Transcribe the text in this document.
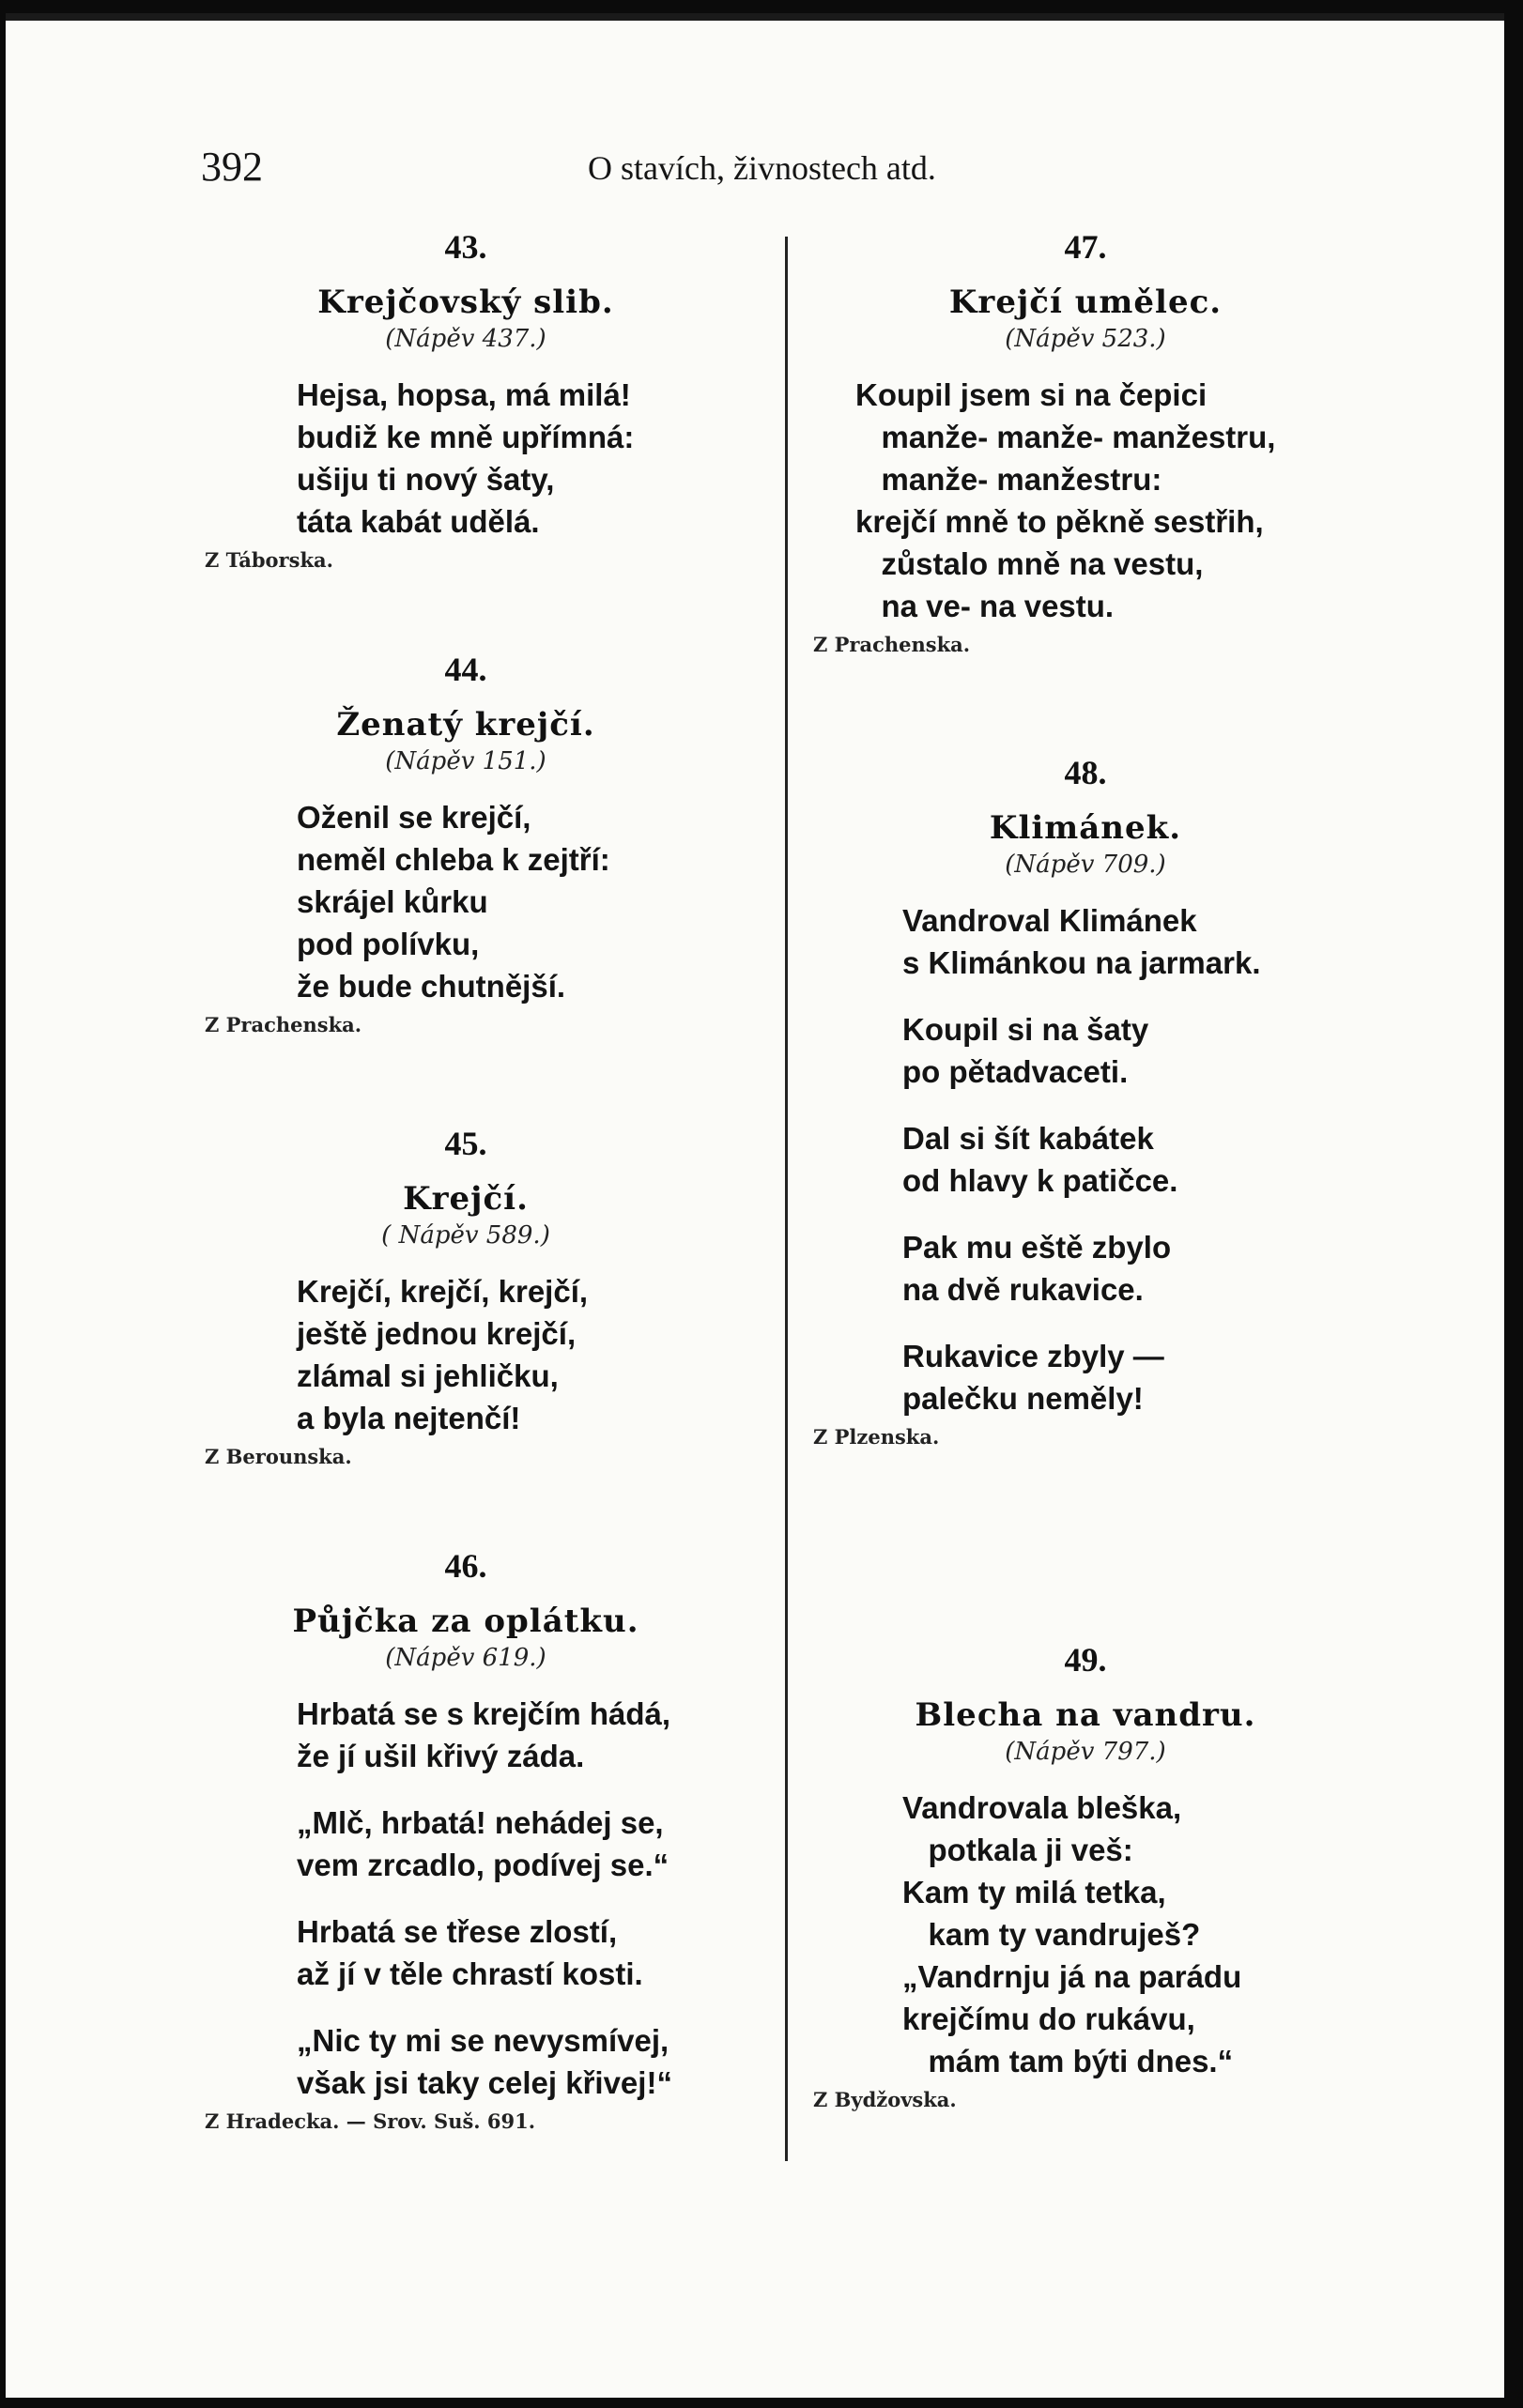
392	O stavích, živnostech atd.
43.
Krejčovský slib.
(Nápěv 437.)
Hejsa, hopsa, má milá!
budiž ke mně upřímná:
ušiju ti nový šaty,
táta kabát udělá.
Z Táborska.
44.
Ženatý krejčí.
(Nápěv 151.)
Oženil se krejčí,
neměl chleba k zejtří:
skrájel kůrku
pod polívku,
že bude chutnější.
Z Prachenska.
45.
Krejčí.
( Nápěv 589.)
Krejčí, krejčí, krejčí,
ještě jednou krejčí,
zlámal si jehličku,
a byla nejtenčí!
Z Berounska.
46.
Půjčka za oplátku.
(Nápěv 619.)
Hrbatá se s krejčím hádá,
že jí ušil křivý záda.
„Mlč, hrbatá! nehádej se,
vem zrcadlo, podívej se.“
Hrbatá se třese zlostí,
až jí v těle chrastí kosti.
„Nic ty mi se nevysmívej,
však jsi taky celej křivej!“
Z Hradecka. — Srov. Suš. 691.
47.
Krejčí umělec.
(Nápěv 523.)
Koupil jsem si na čepici
manže- manže- manžestru,
manže- manžestru:
krejčí mně to pěkně sestřih,
zůstalo mně na vestu,
na ve- na vestu.
Z Prachenska.
48.
Klimánek.
(Nápěv 709.)
Vandroval Klimánek
s Klimánkou na jarmark.
Koupil si na šaty
po pětadvaceti.
Dal si šít kabátek
od hlavy k patičce.
Pak mu eště zbylo
na dvě rukavice.
Rukavice zbyly —
palečku neměly!
Z Plzenska.
49.
Blecha na vandru.
(Nápěv 797.)
Vandrovala bleška,
potkala ji veš:
Kam ty milá tetka,
kam ty vandruješ?
„Vandrnju já na parádu
krejčímu do rukávu,
mám tam býti dnes.“
Z Bydžovska.
